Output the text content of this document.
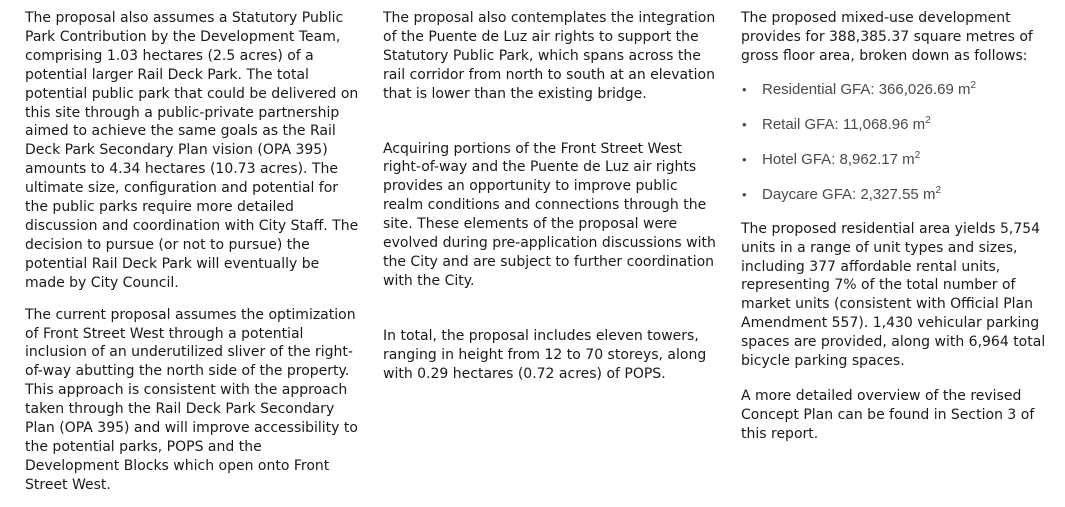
The proposal also assumes a Statutory Public Park Contribution by the Development Team, comprising 1.03 hectares (2.5 acres) of a potential larger Rail Deck Park. The total potential public park that could be delivered on this site through a public-private partnership aimed to achieve the same goals as the Rail Deck Park Secondary Plan vision (OPA 395) amounts to 4.34 hectares (10.73 acres). The ultimate size, configuration and potential for the public parks require more detailed discussion and coordination with City Staff. The decision to pursue (or not to pursue) the potential Rail Deck Park will eventually be made by City Council.

The current proposal assumes the optimization of Front Street West through a potential inclusion of an underutilized sliver of the right-of-way abutting the north side of the property. This approach is consistent with the approach taken through the Rail Deck Park Secondary Plan (OPA 395) and will improve accessibility to the potential parks, POPS and the Development Blocks which open onto Front Street West.

The proposal also contemplates the integration of the Puente de Luz air rights to support the Statutory Public Park, which spans across the rail corridor from north to south at an elevation that is lower than the existing bridge.

Acquiring portions of the Front Street West right-of-way and the Puente de Luz air rights provides an opportunity to improve public realm conditions and connections through the site. These elements of the proposal were evolved during pre-application discussions with the City and are subject to further coordination with the City.

In total, the proposal includes eleven towers, ranging in height from 12 to 70 storeys, along with 0.29 hectares (0.72 acres) of POPS.

The proposed mixed-use development provides for 388,385.37 square metres of gross floor area, broken down as follows:

• Residential GFA: 366,026.69 $m^2$
• Retail GFA: 11,068.96 $m^2$
• Hotel GFA: 8,962.17 $m^2$
• Daycare GFA: 2,327.55 $m^2$

The proposed residential area yields 5,754 units in a range of unit types and sizes, including 377 affordable rental units, representing 7% of the total number of market units (consistent with Official Plan Amendment 557). 1,430 vehicular parking spaces are provided, along with 6,964 total bicycle parking spaces.

A more detailed overview of the revised Concept Plan can be found in Section 3 of this report.
